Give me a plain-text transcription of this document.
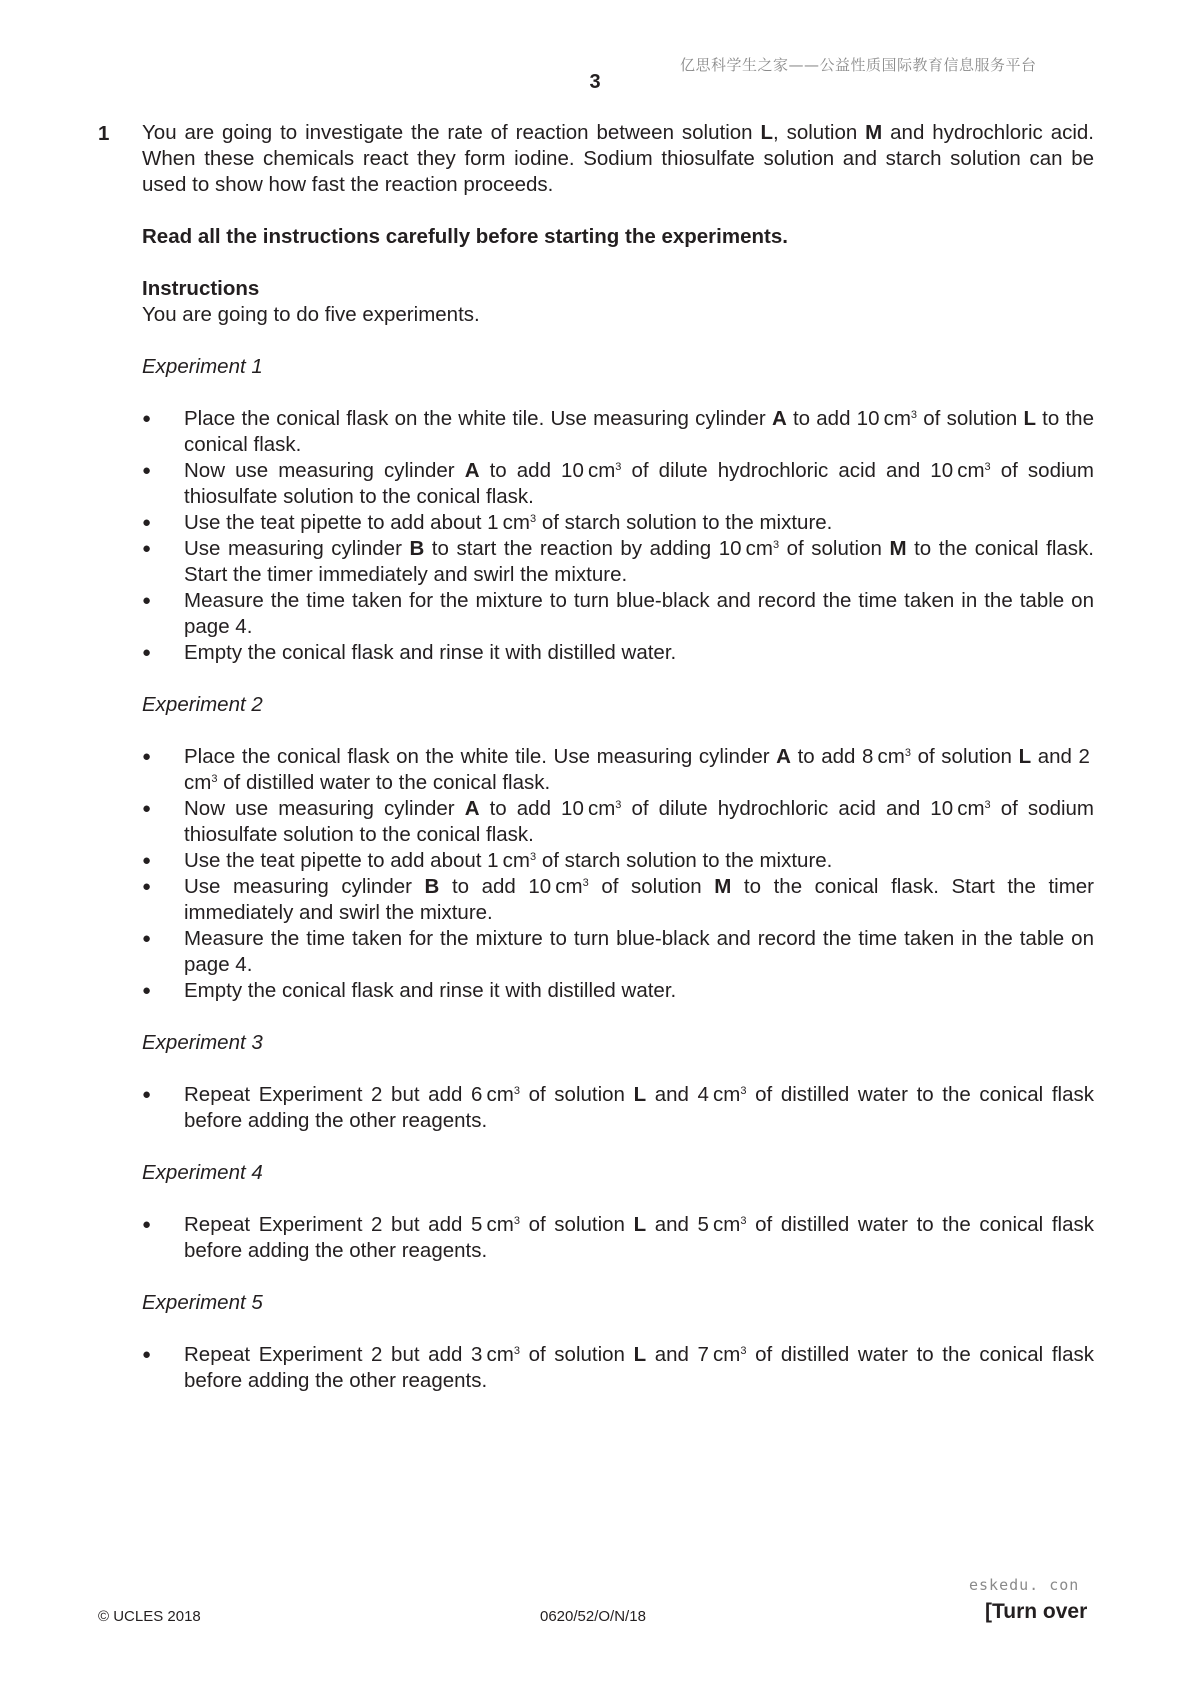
亿思科学生之家——公益性质国际教育信息服务平台
3
1 You are going to investigate the rate of reaction between solution L, solution M and hydrochloric acid. When these chemicals react they form iodine. Sodium thiosulfate solution and starch solution can be used to show how fast the reaction proceeds.

Read all the instructions carefully before starting the experiments.

Instructions

You are going to do five experiments.

Experiment 1

● Place the conical flask on the white tile. Use measuring cylinder A to add 10 $cm^3$ of solution L to the conical flask.
● Now use measuring cylinder A to add 10 $cm^3$ of dilute hydrochloric acid and 10 $cm^3$ of sodium thiosulfate solution to the conical flask.
● Use the teat pipette to add about 1 $cm^3$ of starch solution to the mixture.
● Use measuring cylinder B to start the reaction by adding 10 $cm^3$ of solution M to the conical flask. Start the timer immediately and swirl the mixture.
● Measure the time taken for the mixture to turn blue-black and record the time taken in the table on page 4.
● Empty the conical flask and rinse it with distilled water.

Experiment 2

● Place the conical flask on the white tile. Use measuring cylinder A to add 8 $cm^3$ of solution L and 2 $cm^3$ of distilled water to the conical flask.
● Now use measuring cylinder A to add 10 $cm^3$ of dilute hydrochloric acid and 10 $cm^3$ of sodium thiosulfate solution to the conical flask.
● Use the teat pipette to add about 1 $cm^3$ of starch solution to the mixture.
● Use measuring cylinder B to add 10 $cm^3$ of solution M to the conical flask. Start the timer immediately and swirl the mixture.
● Measure the time taken for the mixture to turn blue-black and record the time taken in the table on page 4.
● Empty the conical flask and rinse it with distilled water.

Experiment 3

● Repeat Experiment 2 but add 6 $cm^3$ of solution L and 4 $cm^3$ of distilled water to the conical flask before adding the other reagents.

Experiment 4

● Repeat Experiment 2 but add 5 $cm^3$ of solution L and 5 $cm^3$ of distilled water to the conical flask before adding the other reagents.

Experiment 5

● Repeat Experiment 2 but add 3 $cm^3$ of solution L and 7 $cm^3$ of distilled water to the conical flask before adding the other reagents.
eskedu. con
© UCLES 2018	0620/52/O/N/18	[Turn over
